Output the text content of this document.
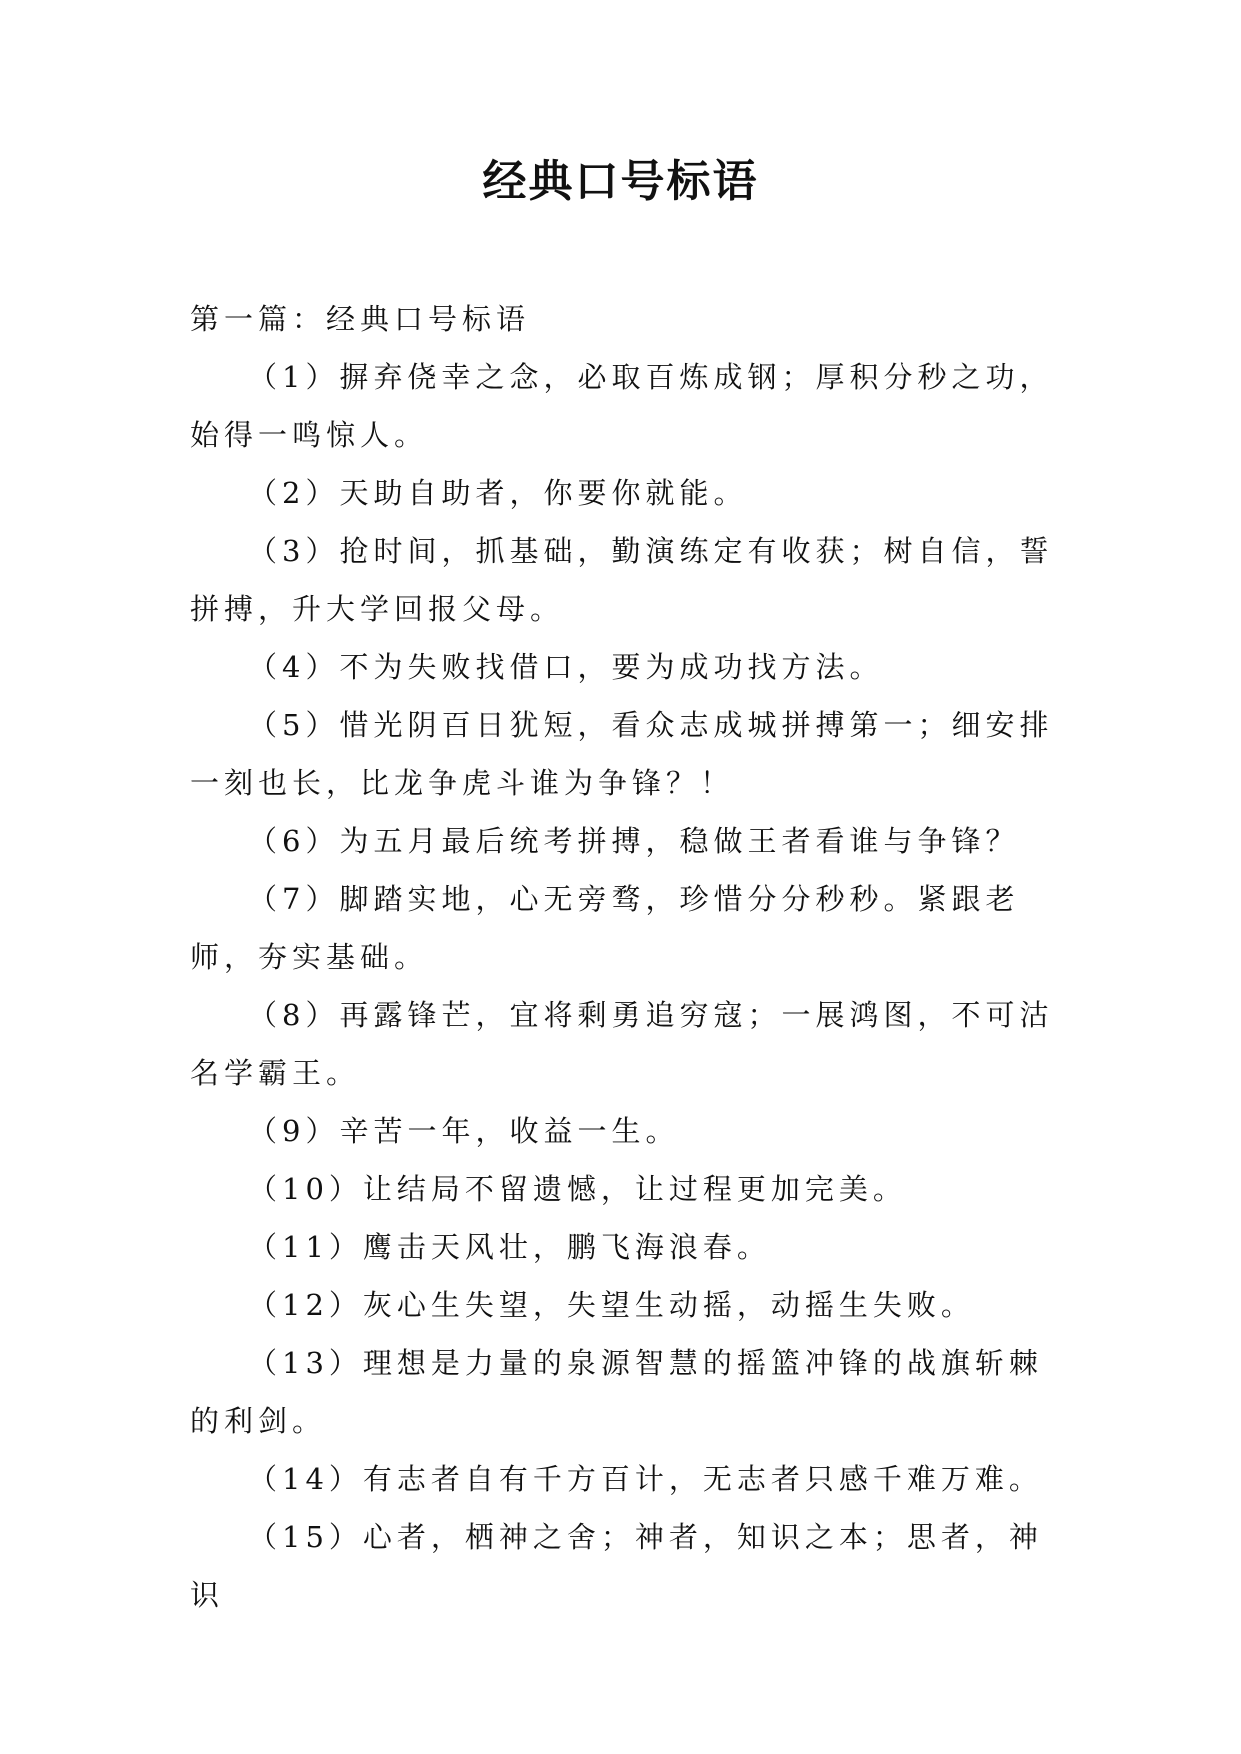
经典口号标语

第一篇：经典口号标语

（1）摒弃侥幸之念，必取百炼成钢；厚积分秒之功，始得一鸣惊人。

（2）天助自助者，你要你就能。

（3）抢时间，抓基础，勤演练定有收获；树自信，誓拼搏，升大学回报父母。

（4）不为失败找借口，要为成功找方法。

（5）惜光阴百日犹短，看众志成城拼搏第一；细安排一刻也长，比龙争虎斗谁为争锋？！

（6）为五月最后统考拼搏，稳做王者看谁与争锋？

（7）脚踏实地，心无旁骛，珍惜分分秒秒。紧跟老师，夯实基础。

（8）再露锋芒，宜将剩勇追穷寇；一展鸿图，不可沽名学霸王。

（9）辛苦一年，收益一生。

（10）让结局不留遗憾，让过程更加完美。

（11）鹰击天风壮，鹏飞海浪春。

（12）灰心生失望，失望生动摇，动摇生失败。

（13）理想是力量的泉源智慧的摇篮冲锋的战旗斩棘的利剑。

（14）有志者自有千方百计，无志者只感千难万难。

（15）心者，栖神之舍；神者，知识之本；思者，神识
